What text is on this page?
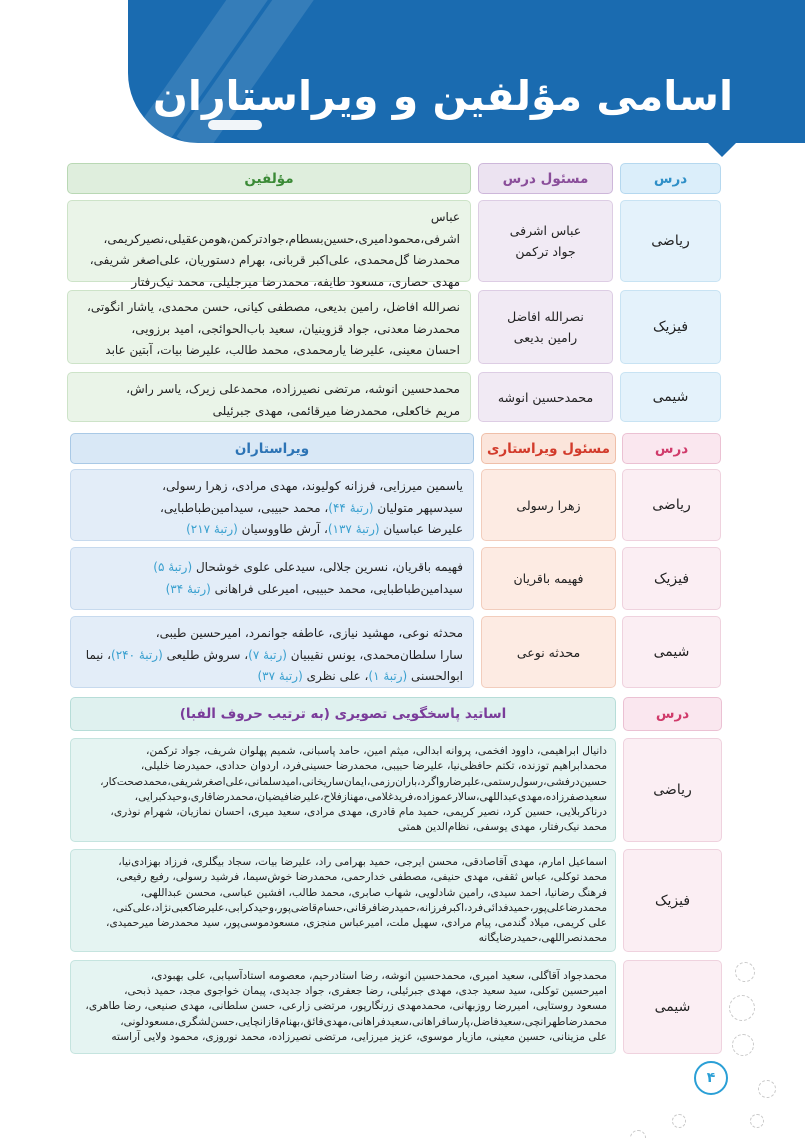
اسامی مؤلفین و ویراستاران
درس
مسئول درس
مؤلفین
ریاضی
عباس اشرفی
جواد ترکمن
عباس اشرفی،محموداميری،حسين‌بسطام،جوادترکمن،هومن‌عقيلی،نصيرکريمی،
محمدرضا گل‌محمدی، علی‌اکبر قربانی، بهرام دستوريان، علی‌اصغر شريفی،
مهدی حصاری، مسعود طايفه، محمدرضا ميرجليلی، محمد نيک‌رفتار
فیزیک
نصرالله افاضل
رامین بدیعی
نصرالله افاضل، رامين بديعی، مصطفی کيانی، حسن محمدی، ياشار انگوتی،
محمدرضا معدنی، جواد قزوينيان، سعيد باب‌الحوائجی، اميد برزويی،
احسان معينی، عليرضا يارمحمدی، محمد طالب، عليرضا بيات، آبتين عابد
شیمی
محمدحسین انوشه
محمدحسين انوشه، مرتضی نصيرزاده، محمدعلی زيرک، ياسر راش،
مريم خاکعلی، محمدرضا ميرقائمی، مهدی جبرئيلی
درس
مسئول ویراستاری
ویراستاران
ریاضی
زهرا رسولی
ياسمين ميرزايی، فرزانه کوليوند، مهدی مرادی، زهرا رسولی،
سيدسپهر متوليان (رتبهٔ ۴۴)، محمد حبيبی، سيدامين‌طباطبايی،
عليرضا عباسيان (رتبهٔ ۱۳۷)، آرش طاووسيان (رتبهٔ ۲۱۷)
فیزیک
فهیمه باقریان
فهيمه باقريان، نسرين جلالی، سيدعلی علوی خوشحال (رتبهٔ ۵)
سيدامين‌طباطبايی، محمد حبيبی، اميرعلی فراهانی (رتبهٔ ۳۴)
شیمی
محدثه نوعی
محدثه نوعی، مهشيد نيازی، عاطفه جوانمرد، اميرحسين طيبی،
سارا سلطان‌محمدی، يونس نقيبيان (رتبهٔ ۷)، سروش طليعی (رتبهٔ ۲۴۰)، نيما
ابوالحسنی (رتبهٔ ۱)، علی نظری (رتبهٔ ۳۷)
درس
اساتید پاسخگویی تصویری (به ترتیب حروف الفبا)
ریاضی
دانيال ابراهيمی، داوود افخمی، پروانه ابدالی، ميثم امين، حامد پاسبانی، شميم پهلوان شريف، جواد ترکمن،
محمدابراهيم توزنده، تکتم حافظی‌نيا، عليرضا حبيبی، محمدرضا حسينی‌فرد، اردوان حدادی، حميدرضا خليلی،
حسين‌درفشی،رسول‌رستمی،عليرضارواگرد،باران‌رزمی،ايمان‌ساريخانی،اميدسلمانی،علی‌اصغرشريفی،محمدصحت‌کار،
سعيدصفرزاده،مهدی‌عبداللهی،سالارعموزاده،فريدغلامی،مهنازفلاح،عليرضافيضيان،محمدرضاقاری،وحيدکبرايی،
درناکربلايی، حسين کرد، نصير کريمی، حميد مام قادری، مهدی مرادی، سعيد ميری، احسان نمازيان، شهرام نوذری،
محمد نيک‌رفتار، مهدی يوسفی، نظام‌الدين همتی
فیزیک
اسماعيل امارم، مهدی آقاصادقی، محسن ايرجی، حميد بهرامی راد، عليرضا بيات، سجاد بيگلری، فرزاد بهزادی‌نيا،
محمد توکلی، عباس ثقفی، مهدی حنيفی، مصطفی خدارحمی، محمدرضا خوش‌سيما، فرشيد رسولی، رفيع رفيعی،
فرهنگ رضانيا، احمد سيدی، رامين شادلويی، شهاب صابری، محمد طالب، افشين عباسی، محسن عبداللهی،
محمدرضاعلی‌پور،حميدفدائی‌فرد،اکبرفرزانه،حميدرضافرقانی،حسام‌قاضی‌پور،وحيدکرابی،عليرضاکعبی‌نژاد،علی‌کنی،
علی کريمی، ميلاد گندمی، پيام مرادی، سهيل ملت، اميرعباس منجزی، مسعودموسی‌پور، سيد محمدرضا ميرحميدی،
محمدنصراللهی،حميدرضايگانه
شیمی
محمدجواد آقاگلی، سعيد اميری، محمدحسين انوشه، رضا استادرحيم، معصومه استادآسيابی، علی بهبودی،
اميرحسين توکلی، سيد سعيد جدی، مهدی جبرئيلی، رضا جعفری، جواد جديدی، پيمان خواجوی مجد، حميد ذبحی،
مسعود روستايی، اميررضا روزبهانی، محمدمهدی زرنگارپور، مرتضی زارعی، حسن سلطانی، مهدی صنيعی، رضا طاهری،
محمدرضاطهرانچی،سعيدفاضل،پارسافراهانی،سعيدفراهانی،مهدی‌فائق،بهنام‌قازانچايی،حسن‌لشگری،مسعودلونی،
علی مزينانی، حسين معينی، مازيار موسوی، عزيز ميرزايی، مرتضی نصيرزاده، محمد نوروزی، محمود ولايی آراسته
۴
